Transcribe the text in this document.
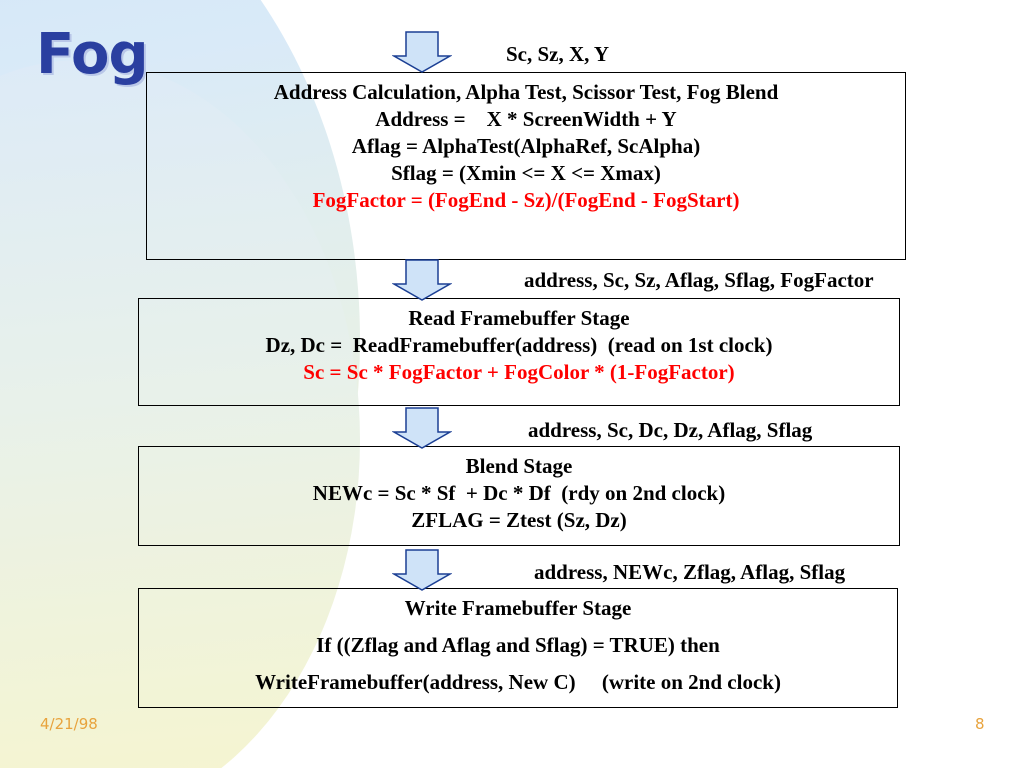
Fog	Sc, Sz, X, Y
Address Calculation, Alpha Test, Scissor Test, Fog Blend
Address =    X * ScreenWidth + Y
Aflag = AlphaTest(AlphaRef, ScAlpha)
Sflag = (Xmin <= X <= Xmax)
FogFactor = (FogEnd - Sz)/(FogEnd - FogStart)
address, Sc, Sz, Aflag, Sflag, FogFactor
Read Framebuffer Stage
Dz, Dc =  ReadFramebuffer(address)  (read on 1st clock)
Sc = Sc * FogFactor + FogColor * (1-FogFactor)
address, Sc, Dc, Dz, Aflag, Sflag
Blend Stage
NEWc = Sc * Sf  + Dc * Df  (rdy on 2nd clock)
ZFLAG = Ztest (Sz, Dz)
address, NEWc, Zflag, Aflag, Sflag
Write Framebuffer Stage
If ((Zflag and Aflag and Sflag) = TRUE) then
WriteFramebuffer(address, New C)     (write on 2nd clock)
4/21/98	8
